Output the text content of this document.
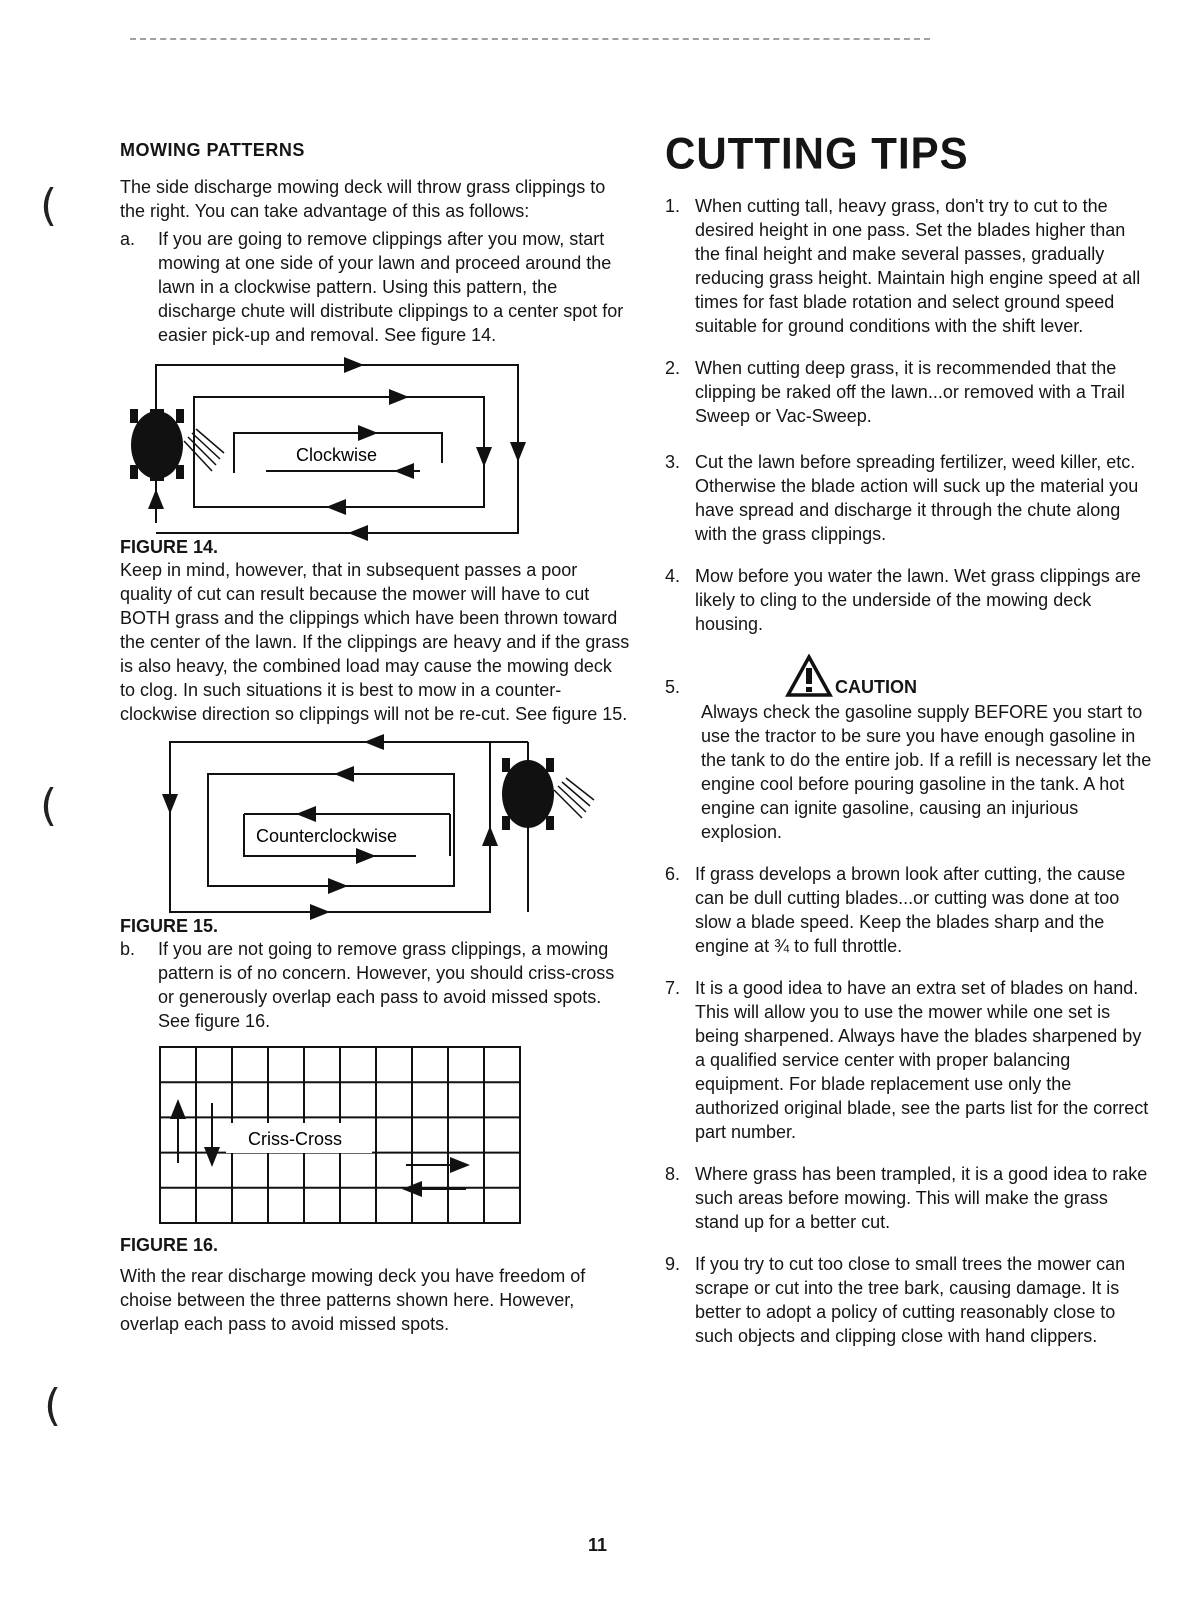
(
(
(

MOWING PATTERNS

The side discharge mowing deck will throw grass clippings to the right. You can take advantage of this as follows:

a. If you are going to remove clippings after you mow, start mowing at one side of your lawn and proceed around the lawn in a clockwise pattern. Using this pattern, the discharge chute will distribute clippings to a center spot for easier pick-up and removal. See figure 14.

Clockwise

FIGURE 14.

Keep in mind, however, that in subsequent passes a poor quality of cut can result because the mower will have to cut BOTH grass and the clippings which have been thrown toward the center of the lawn. If the clippings are heavy and if the grass is also heavy, the combined load may cause the mowing deck to clog. In such situations it is best to mow in a counter-clockwise direction so clippings will not be re-cut. See figure 15.

Counterclockwise

FIGURE 15.

b. If you are not going to remove grass clippings, a mowing pattern is of no concern. However, you should criss-cross or generously overlap each pass to avoid missed spots. See figure 16.

Criss-Cross

FIGURE 16.

With the rear discharge mowing deck you have freedom of choise between the three patterns shown here. However, overlap each pass to avoid missed spots.

CUTTING TIPS

1. When cutting tall, heavy grass, don't try to cut to the desired height in one pass. Set the blades higher than the final height and make several passes, gradually reducing grass height. Maintain high engine speed at all times for fast blade rotation and select ground speed suitable for ground conditions with the shift lever.

2. When cutting deep grass, it is recommended that the clipping be raked off the lawn...or removed with a Trail Sweep or Vac-Sweep.

3. Cut the lawn before spreading fertilizer, weed killer, etc. Otherwise the blade action will suck up the material you have spread and discharge it through the chute along with the grass clippings.

4. Mow before you water the lawn. Wet grass clippings are likely to cling to the underside of the mowing deck housing.

5.	CAUTION

Always check the gasoline supply BEFORE you start to use the tractor to be sure you have enough gasoline in the tank to do the entire job. If a refill is necessary let the engine cool before pouring gasoline in the tank. A hot engine can ignite gasoline, causing an injurious explosion.

6. If grass develops a brown look after cutting, the cause can be dull cutting blades...or cutting was done at too slow a blade speed. Keep the blades sharp and the engine at ¾ to full throttle.

7. It is a good idea to have an extra set of blades on hand. This will allow you to use the mower while one set is being sharpened. Always have the blades sharpened by a qualified service center with proper balancing equipment. For blade replacement use only the authorized original blade, see the parts list for the correct part number.

8. Where grass has been trampled, it is a good idea to rake such areas before mowing. This will make the grass stand up for a better cut.

9. If you try to cut too close to small trees the mower can scrape or cut into the tree bark, causing damage. It is better to adopt a policy of cutting reasonably close to such objects and clipping close with hand clippers.

11
